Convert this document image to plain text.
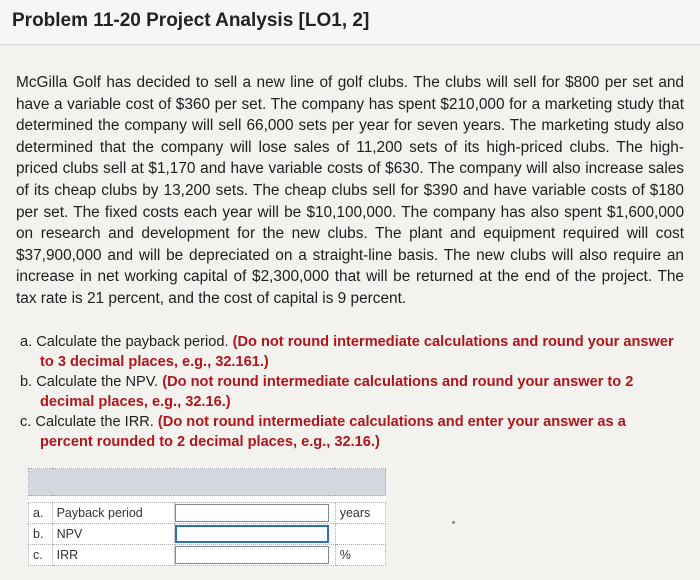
Problem 11-20 Project Analysis [LO1, 2]
McGilla Golf has decided to sell a new line of golf clubs. The clubs will sell for $800 per set and have a variable cost of $360 per set. The company has spent $210,000 for a marketing study that determined the company will sell 66,000 sets per year for seven years. The marketing study also determined that the company will lose sales of 11,200 sets of its high-priced clubs. The high-priced clubs sell at $1,170 and have variable costs of $630. The company will also increase sales of its cheap clubs by 13,200 sets. The cheap clubs sell for $390 and have variable costs of $180 per set. The fixed costs each year will be $10,100,000. The company has also spent $1,600,000 on research and development for the new clubs. The plant and equipment required will cost $37,900,000 and will be depreciated on a straight-line basis. The new clubs will also require an increase in net working capital of $2,300,000 that will be returned at the end of the project. The tax rate is 21 percent, and the cost of capital is 9 percent.
a. Calculate the payback period. (Do not round intermediate calculations and round your answer to 3 decimal places, e.g., 32.161.)
b. Calculate the NPV. (Do not round intermediate calculations and round your answer to 2 decimal places, e.g., 32.16.)
c. Calculate the IRR. (Do not round intermediate calculations and enter your answer as a percent rounded to 2 decimal places, e.g., 32.16.)

a.	Payback period		years
b.	NPV		
c.	IRR		%
